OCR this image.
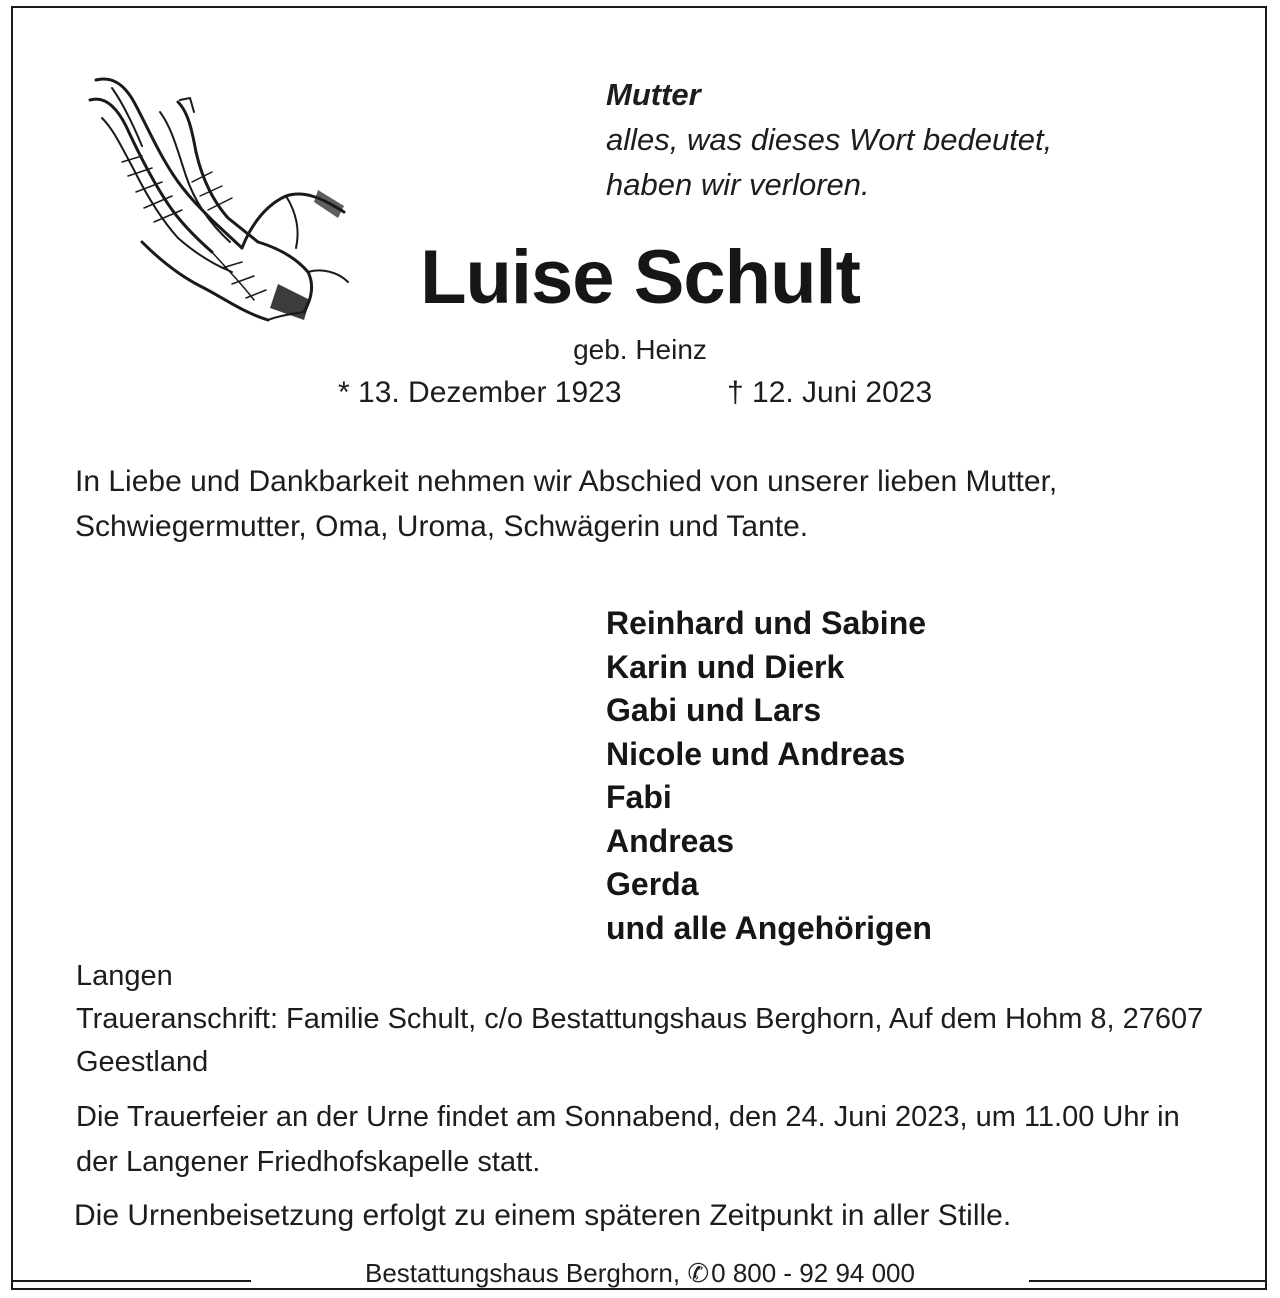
Mutter
alles, was dieses Wort bedeutet,
haben wir verloren.
Luise Schult
geb. Heinz
* 13. Dezember 1923	† 12. Juni 2023
In Liebe und Dankbarkeit nehmen wir Abschied von unserer lieben Mutter, Schwiegermutter, Oma, Uroma, Schwägerin und Tante.
Reinhard und Sabine
Karin und Dierk
Gabi und Lars
Nicole und Andreas
Fabi
Andreas
Gerda
und alle Angehörigen
Langen
Traueranschrift: Familie Schult, c/o Bestattungshaus Berghorn, Auf dem Hohm 8, 27607 Geestland
Die Trauerfeier an der Urne findet am Sonnabend, den 24. Juni 2023, um 11.00 Uhr in der Langener Friedhofskapelle statt.
Die Urnenbeisetzung erfolgt zu einem späteren Zeitpunkt in aller Stille.
Bestattungshaus Berghorn, ✆0 800 - 92 94 000
